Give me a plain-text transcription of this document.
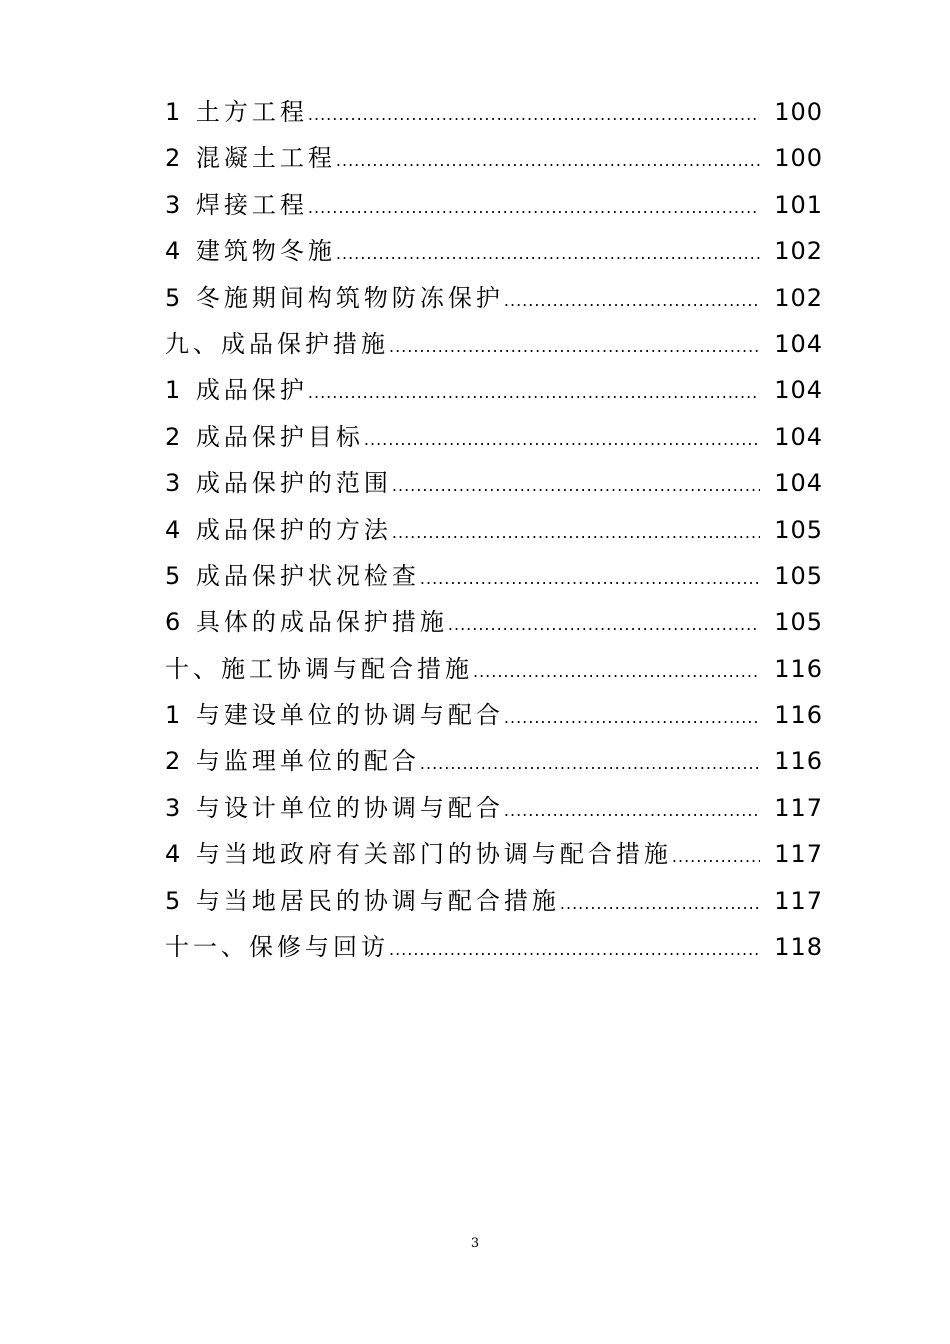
1 土方工程 .....	100
2 混凝土工程 .....	100
3 焊接工程 .....	101
4 建筑物冬施 .....	102
5 冬施期间构筑物防冻保护 .....	102
九、成品保护措施 .....	104
1 成品保护 .....	104
2 成品保护目标 .....	104
3 成品保护的范围 .....	104
4 成品保护的方法 .....	105
5 成品保护状况检查 .....	105
6 具体的成品保护措施 .....	105
十、施工协调与配合措施 .....	116
1 与建设单位的协调与配合 .....	116
2 与监理单位的配合 .....	116
3 与设计单位的协调与配合 .....	117
4 与当地政府有关部门的协调与配合措施 .....	117
5 与当地居民的协调与配合措施 .....	117
十一、保修与回访 .....	118
3
